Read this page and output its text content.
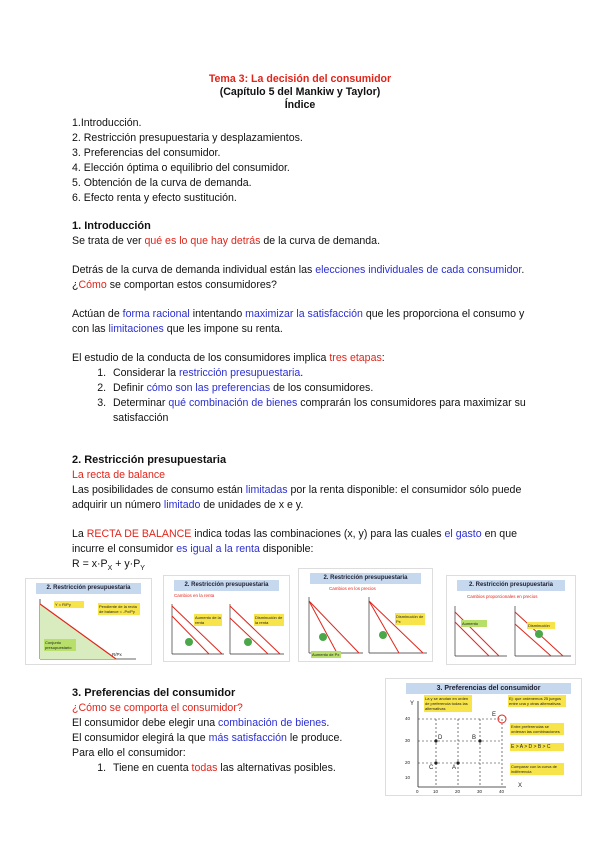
Tema 3: La decisión del consumidor
(Capítulo 5 del Mankiw y Taylor)
Índice
1.Introducción.
2. Restricción presupuestaria y desplazamientos.
3. Preferencias del consumidor.
4. Elección óptima o equilibrio del consumidor.
5. Obtención de la curva de demanda.
6. Efecto renta y efecto sustitución.
1. Introducción
Se trata de ver qué es lo que hay detrás de la curva de demanda.
Detrás de la curva de demanda individual están las elecciones individuales de cada consumidor.
¿Cómo se comportan estos consumidores?
Actúan de forma racional intentando maximizar la satisfacción que les proporciona el consumo y con las limitaciones que les impone su renta.
El estudio de la conducta de los consumidores implica tres etapas:
1. Considerar la restricción presupuestaria.
2. Definir cómo son las preferencias de los consumidores.
3. Determinar qué combinación de bienes comprarán los consumidores para maximizar su satisfacción
2. Restricción presupuestaria
La recta de balance
Las posibilidades de consumo están limitadas por la renta disponible: el consumidor sólo puede adquirir un número limitado de unidades de x e y.
La RECTA DE BALANCE indica todas las combinaciones (x, y) para las cuales el gasto en que incurre el consumidor es igual a la renta disponible:
$R = x\cdot P_X + y\cdot P_Y$
2. Restricción presupuestaria
Y = R/Py	Pendiente de la recta de balance = -Px/Py
Conjunto presupuestario
R/Px
2. Restricción presupuestaria
Cambios en la renta
Aumento de la renta
Disminución de la renta
2. Restricción presupuestaria
Cambios en los precios
Aumento de Px
Disminución de Px
2. Restricción presupuestaria
Cambios proporcionales en precios
Aumento	Disminución
3. Preferencias del consumidor
¿Cómo se comporta el consumidor?
El consumidor debe elegir una combinación de bienes.
El consumidor elegirá la que más satisfacción le produce.
Para ello el consumidor:
1. Tiene en cuenta todas las alternativas posibles.
3. Preferencias del consumidor
Y
X
40
30
20
10
0	10	20	30	40
A
B
C
D
E
La y se anotan en orden de preferencia todas las alternativas
Ej: que ordenemos 25 juegos entre una y otras alternativas
Entre preferencias se ordenan las combinaciones
E > A > D > B > C
Comparar con la curva de indiferencia
